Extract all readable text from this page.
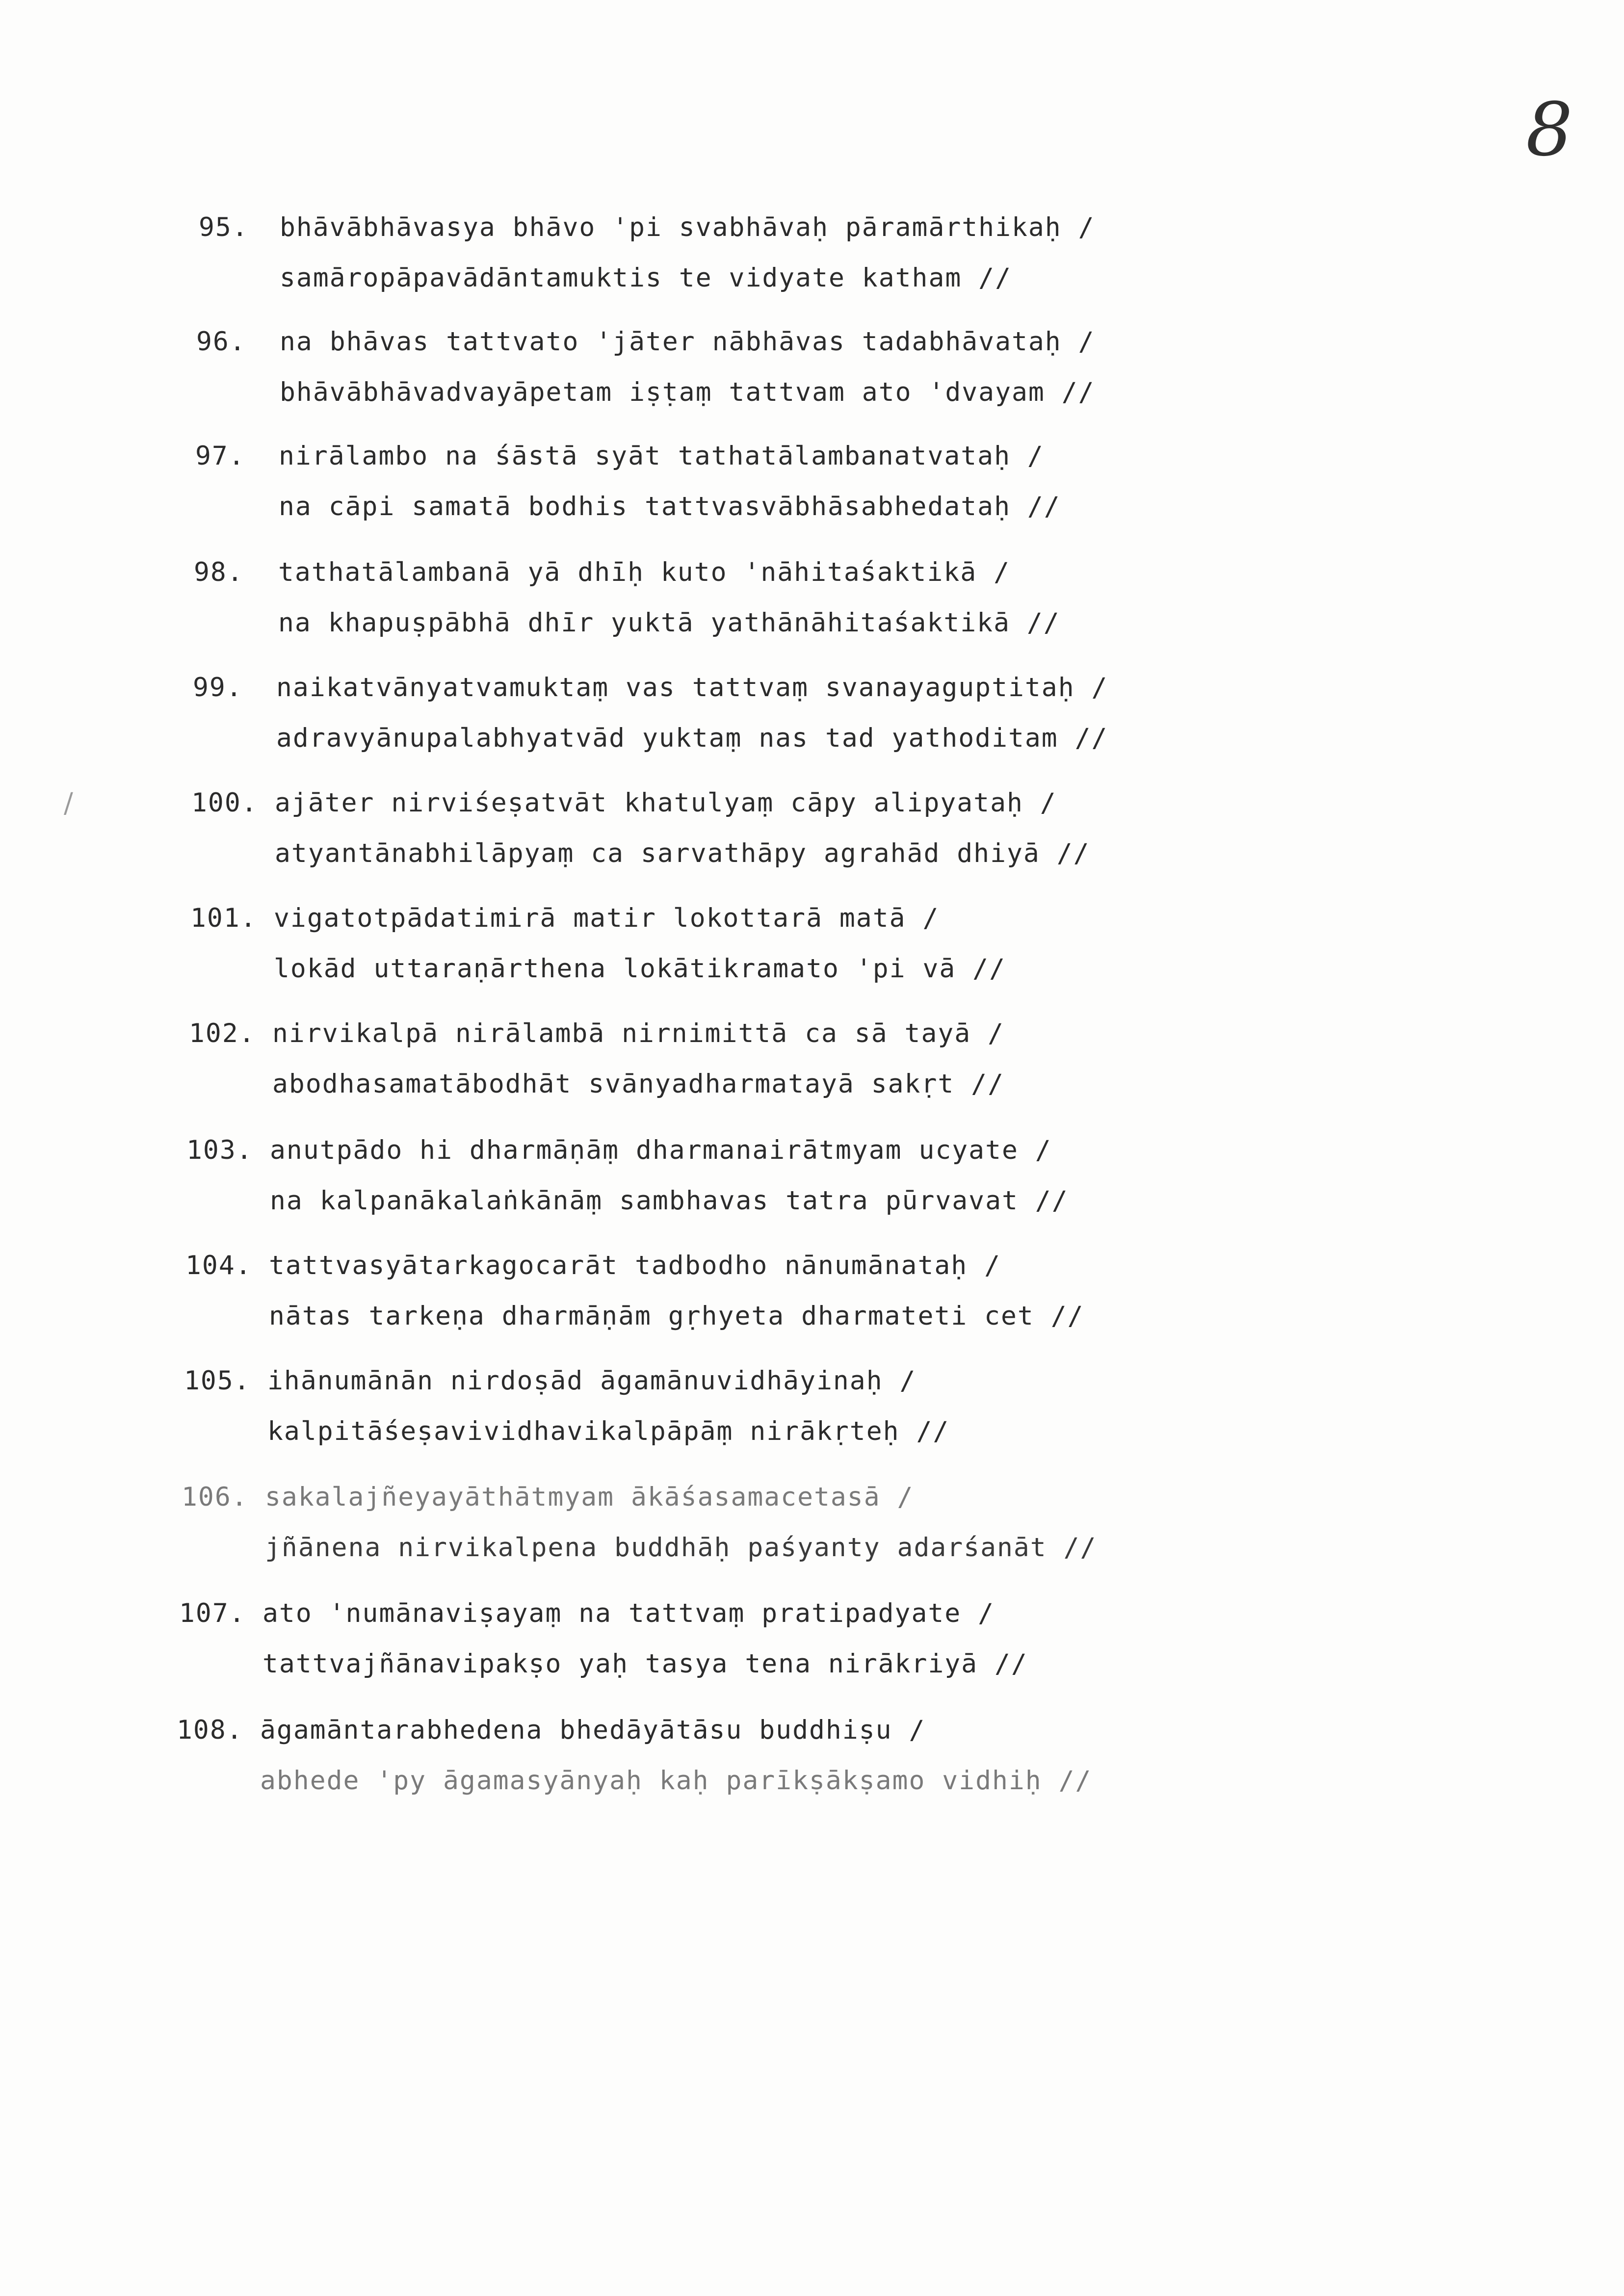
8
/
95. bhāvābhāvasya bhāvo 'pi svabhāvaḥ pāramārthikaḥ /
samāropāpavādāntamuktis te vidyate katham //
96. na bhāvas tattvato 'jāter nābhāvas tadabhāvataḥ /
bhāvābhāvadvayāpetam iṣṭaṃ tattvam ato 'dvayam //
97. nirālambo na śāstā syāt tathatālambanatvataḥ /
na cāpi samatā bodhis tattvasvābhāsabhedataḥ //
98. tathatālambanā yā dhīḥ kuto 'nāhitaśaktikā /
na khapuṣpābhā dhīr yuktā yathānāhitaśaktikā //
99. naikatvānyatvamuktaṃ vas tattvaṃ svanayaguptitaḥ /
adravyānupalabhyatvād yuktaṃ nas tad yathoditam //
100. ajāter nirviśeṣatvāt khatulyaṃ cāpy alipyataḥ /
atyantānabhilāpyaṃ ca sarvathāpy agrahād dhiyā //
101. vigatotpādatimirā matir lokottarā matā /
lokād uttaraṇārthena lokātikramato 'pi vā //
102. nirvikalpā nirālambā nirnimittā ca sā tayā /
abodhasamatābodhāt svānyadharmatayā sakṛt //
103. anutpādo hi dharmāṇāṃ dharmanairātmyam ucyate /
na kalpanākalaṅkānāṃ sambhavas tatra pūrvavat //
104. tattvasyātarkagocarāt tadbodho nānumānataḥ /
nātas tarkeṇa dharmāṇām gṛhyeta dharmateti cet //
105. ihānumānān nirdoṣād āgamānuvidhāyinaḥ /
kalpitāśeṣavividhavikalpāpāṃ nirākṛteḥ //
106. sakalajñeyayāthātmyam ākāśasamacetasā /
jñānena nirvikalpena buddhāḥ paśyanty adarśanāt //
107. ato 'numānaviṣayaṃ na tattvaṃ pratipadyate /
tattvajñānavipakṣo yaḥ tasya tena nirākriyā //
108. āgamāntarabhedena bhedāyātāsu buddhiṣu /
abhede 'py āgamasyānyaḥ kaḥ parīkṣākṣamo vidhiḥ //
